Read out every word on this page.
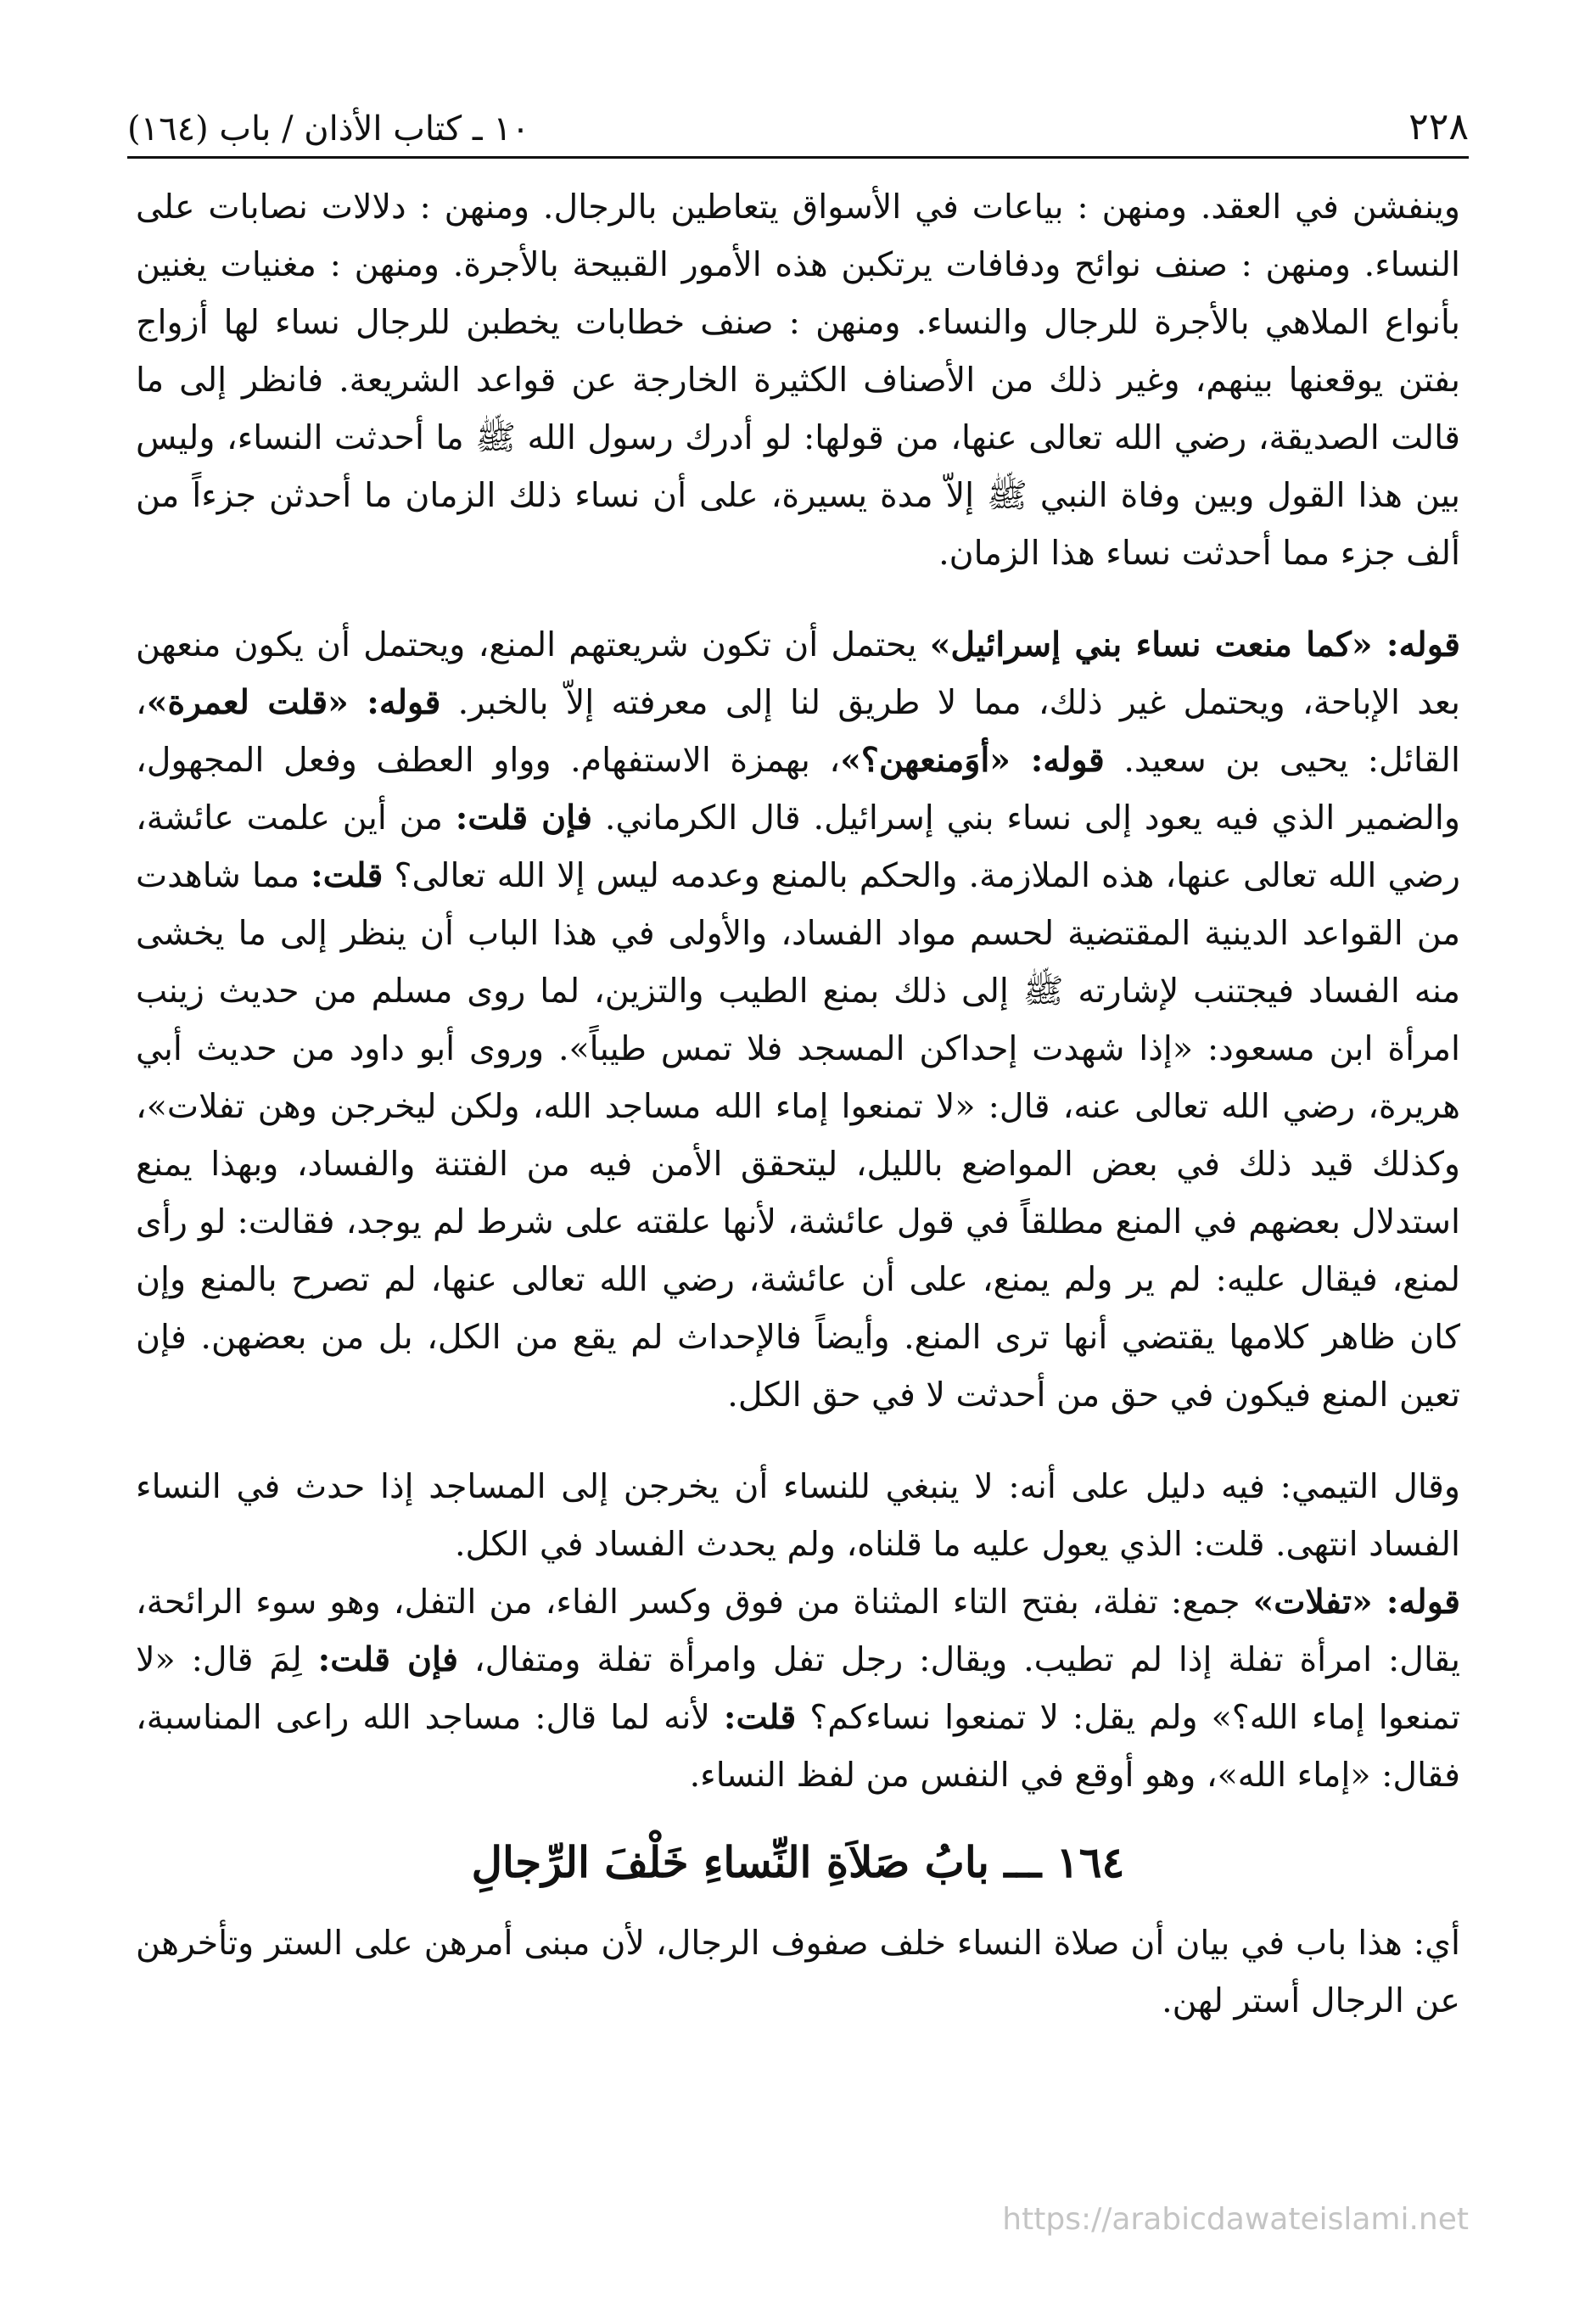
٢٢٨
١٠ ـ كتاب الأذان / باب (١٦٤)

وينفشن في العقد. ومنهن : بياعات في الأسواق يتعاطين بالرجال. ومنهن : دلالات نصابات على النساء. ومنهن : صنف نوائح ودفافات يرتكبن هذه الأمور القبيحة بالأجرة. ومنهن : مغنيات يغنين بأنواع الملاهي بالأجرة للرجال والنساء. ومنهن : صنف خطابات يخطبن للرجال نساء لها أزواج بفتن يوقعنها بينهم، وغير ذلك من الأصناف الكثيرة الخارجة عن قواعد الشريعة. فانظر إلى ما قالت الصديقة، رضي الله تعالى عنها، من قولها: لو أدرك رسول الله ﷺ ما أحدثت النساء، وليس بين هذا القول وبين وفاة النبي ﷺ إلاّ مدة يسيرة، على أن نساء ذلك الزمان ما أحدثن جزءاً من ألف جزء مما أحدثت نساء هذا الزمان.

قوله: «كما منعت نساء بني إسرائيل» يحتمل أن تكون شريعتهم المنع، ويحتمل أن يكون منعهن بعد الإباحة، ويحتمل غير ذلك، مما لا طريق لنا إلى معرفته إلاّ بالخبر. قوله: «قلت لعمرة»، القائل: يحيى بن سعيد. قوله: «أوَمنعهن؟»، بهمزة الاستفهام. وواو العطف وفعل المجهول، والضمير الذي فيه يعود إلى نساء بني إسرائيل. قال الكرماني. فإن قلت: من أين علمت عائشة، رضي الله تعالى عنها، هذه الملازمة. والحكم بالمنع وعدمه ليس إلا الله تعالى؟ قلت: مما شاهدت من القواعد الدينية المقتضية لحسم مواد الفساد، والأولى في هذا الباب أن ينظر إلى ما يخشى منه الفساد فيجتنب لإشارته ﷺ إلى ذلك بمنع الطيب والتزين، لما روى مسلم من حديث زينب امرأة ابن مسعود: «إذا شهدت إحداكن المسجد فلا تمس طيباً». وروى أبو داود من حديث أبي هريرة، رضي الله تعالى عنه، قال: «لا تمنعوا إماء الله مساجد الله، ولكن ليخرجن وهن تفلات»، وكذلك قيد ذلك في بعض المواضع بالليل، ليتحقق الأمن فيه من الفتنة والفساد، وبهذا يمنع استدلال بعضهم في المنع مطلقاً في قول عائشة، لأنها علقته على شرط لم يوجد، فقالت: لو رأى لمنع، فيقال عليه: لم ير ولم يمنع، على أن عائشة، رضي الله تعالى عنها، لم تصرح بالمنع وإن كان ظاهر كلامها يقتضي أنها ترى المنع. وأيضاً فالإحداث لم يقع من الكل، بل من بعضهن. فإن تعين المنع فيكون في حق من أحدثت لا في حق الكل.

وقال التيمي: فيه دليل على أنه: لا ينبغي للنساء أن يخرجن إلى المساجد إذا حدث في النساء الفساد انتهى. قلت: الذي يعول عليه ما قلناه، ولم يحدث الفساد في الكل.

قوله: «تفلات» جمع: تفلة، بفتح التاء المثناة من فوق وكسر الفاء، من التفل، وهو سوء الرائحة، يقال: امرأة تفلة إذا لم تطيب. ويقال: رجل تفل وامرأة تفلة ومتفال، فإن قلت: لِمَ قال: «لا تمنعوا إماء الله؟» ولم يقل: لا تمنعوا نساءكم؟ قلت: لأنه لما قال: مساجد الله راعى المناسبة، فقال: «إماء الله»، وهو أوقع في النفس من لفظ النساء.

١٦٤ ـــ بابُ صَلاَةِ النِّساءِ خَلْفَ الرِّجالِ

أي: هذا باب في بيان أن صلاة النساء خلف صفوف الرجال، لأن مبنى أمرهن على الستر وتأخرهن عن الرجال أستر لهن.

https://arabicdawateislami.net
